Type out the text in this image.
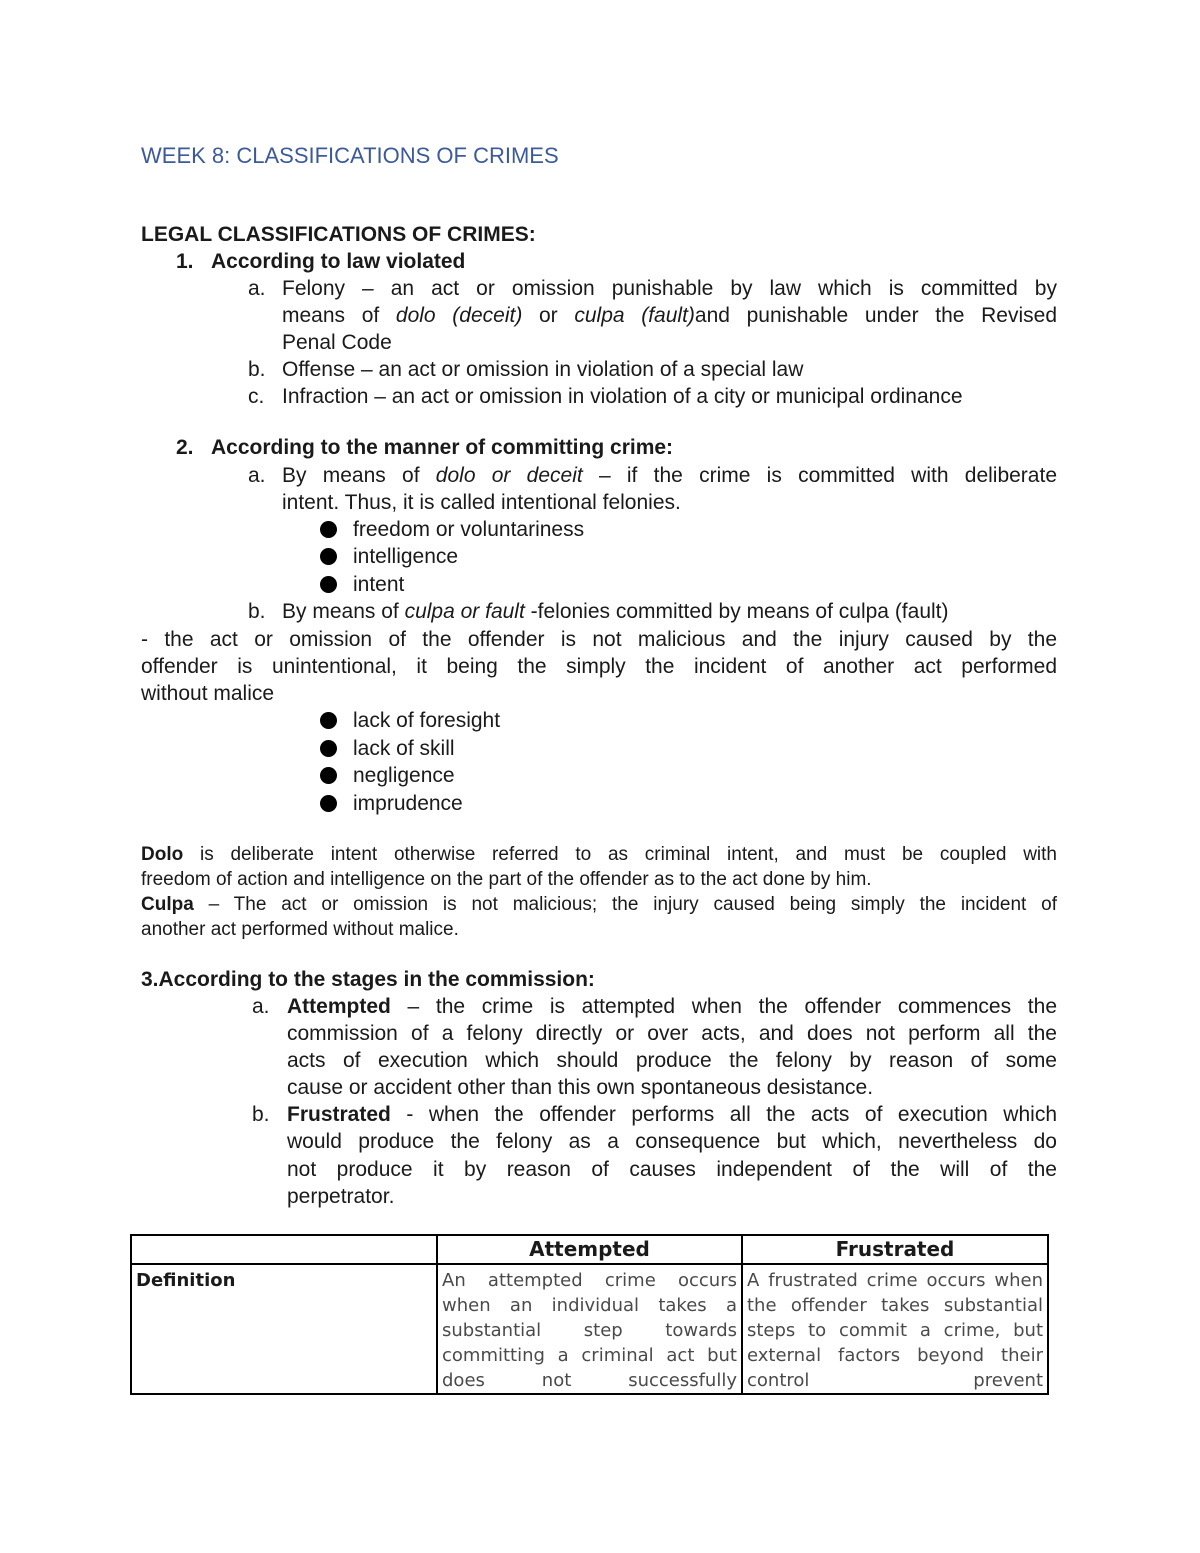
WEEK 8: CLASSIFICATIONS OF CRIMES
LEGAL CLASSIFICATIONS OF CRIMES:
1. According to law violated
a. Felony – an act or omission punishable by law which is committed by
means of dolo (deceit) or culpa (fault)and punishable under the Revised
Penal Code
b. Offense – an act or omission in violation of a special law
c. Infraction – an act or omission in violation of a city or municipal ordinance
2. According to the manner of committing crime:
a. By means of dolo or deceit – if the crime is committed with deliberate
intent. Thus, it is called intentional felonies.
freedom or voluntariness
intelligence
intent
b. By means of culpa or fault -felonies committed by means of culpa (fault)
- the act or omission of the offender is not malicious and the injury caused by the
offender is unintentional, it being the simply the incident of another act performed
without malice
lack of foresight
lack of skill
negligence
imprudence
Dolo is deliberate intent otherwise referred to as criminal intent, and must be coupled with
freedom of action and intelligence on the part of the offender as to the act done by him.
Culpa – The act or omission is not malicious; the injury caused being simply the incident of
another act performed without malice.
3.According to the stages in the commission:
a. Attempted – the crime is attempted when the offender commences the
commission of a felony directly or over acts, and does not perform all the
acts of execution which should produce the felony by reason of some
cause or accident other than this own spontaneous desistance.
b. Frustrated - when the offender performs all the acts of execution which
would produce the felony as a consequence but which, nevertheless do
not produce it by reason of causes independent of the will of the
perpetrator.
	Attempted	Frustrated
Definition	An attempted crime occurs when an individual takes a substantial step towards committing a criminal act but does not successfully	A frustrated crime occurs when the offender takes substantial steps to commit a crime, but external factors beyond their control prevent
